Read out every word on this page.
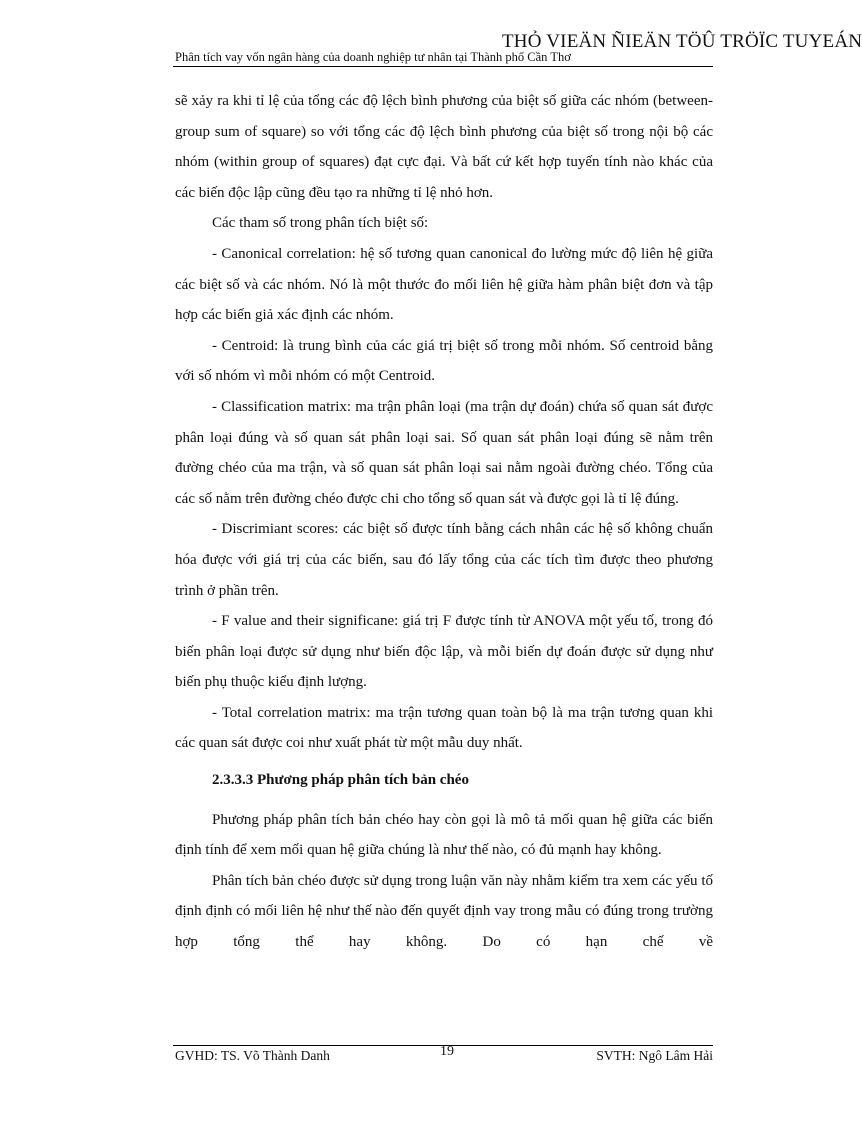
Phân tích vay vốn ngân hàng của doanh nghiệp tư nhân tại Thành phố Cần Thơ
THỎ VIEÄN ÑIEÄN TÖÛ TRÖÏC TUYEÁN

sẽ xảy ra khi tỉ lệ của tổng các độ lệch bình phương của biệt số giữa các nhóm (between-group sum of square) so với tổng các độ lệch bình phương của biệt số trong nội bộ các nhóm (within group of squares) đạt cực đại. Và bất cứ kết hợp tuyến tính nào khác của các biến độc lập cũng đều tạo ra những tỉ lệ nhỏ hơn.

Các tham số trong phân tích biệt số:

- Canonical correlation: hệ số tương quan canonical đo lường mức độ liên hệ giữa các biệt số và các nhóm. Nó là một thước đo mối liên hệ giữa hàm phân biệt đơn và tập hợp các biến giả xác định các nhóm.

- Centroid: là trung bình của các giá trị biệt số trong mỗi nhóm. Số centroid bằng với số nhóm vì mỗi nhóm có một Centroid.

- Classification matrix: ma trận phân loại (ma trận dự đoán) chứa số quan sát được phân loại đúng và số quan sát phân loại sai. Số quan sát phân loại đúng sẽ nằm trên đường chéo của ma trận, và số quan sát phân loại sai nằm ngoài đường chéo. Tổng của các số nằm trên đường chéo được chi cho tổng số quan sát và được gọi là tỉ lệ đúng.

- Discrimiant scores: các biệt số được tính bằng cách nhân các hệ số không chuẩn hóa được với giá trị của các biến, sau đó lấy tổng của các tích tìm được theo phương trình ở phần trên.

- F value and their significane: giá trị F được tính từ ANOVA một yếu tố, trong đó biến phân loại được sử dụng như biến độc lập, và mỗi biến dự đoán được sử dụng như biến phụ thuộc kiểu định lượng.

- Total correlation matrix: ma trận tương quan toàn bộ là ma trận tương quan khi các quan sát được coi như xuất phát từ một mẫu duy nhất.

2.3.3.3 Phương pháp phân tích bản chéo

Phương pháp phân tích bản chéo hay còn gọi là mô tả mối quan hệ giữa các biến định tính để xem mối quan hệ giữa chúng là như thế nào, có đủ mạnh hay không.

Phân tích bản chéo được sử dụng trong luận văn này nhằm kiểm tra xem các yếu tố định định có mối liên hệ như thế nào đến quyết định vay trong mẫu có đúng trong trường hợp tổng thể hay không. Do có hạn chế về

GVHD: TS. Võ Thành Danh	19	SVTH: Ngô Lâm Hải
